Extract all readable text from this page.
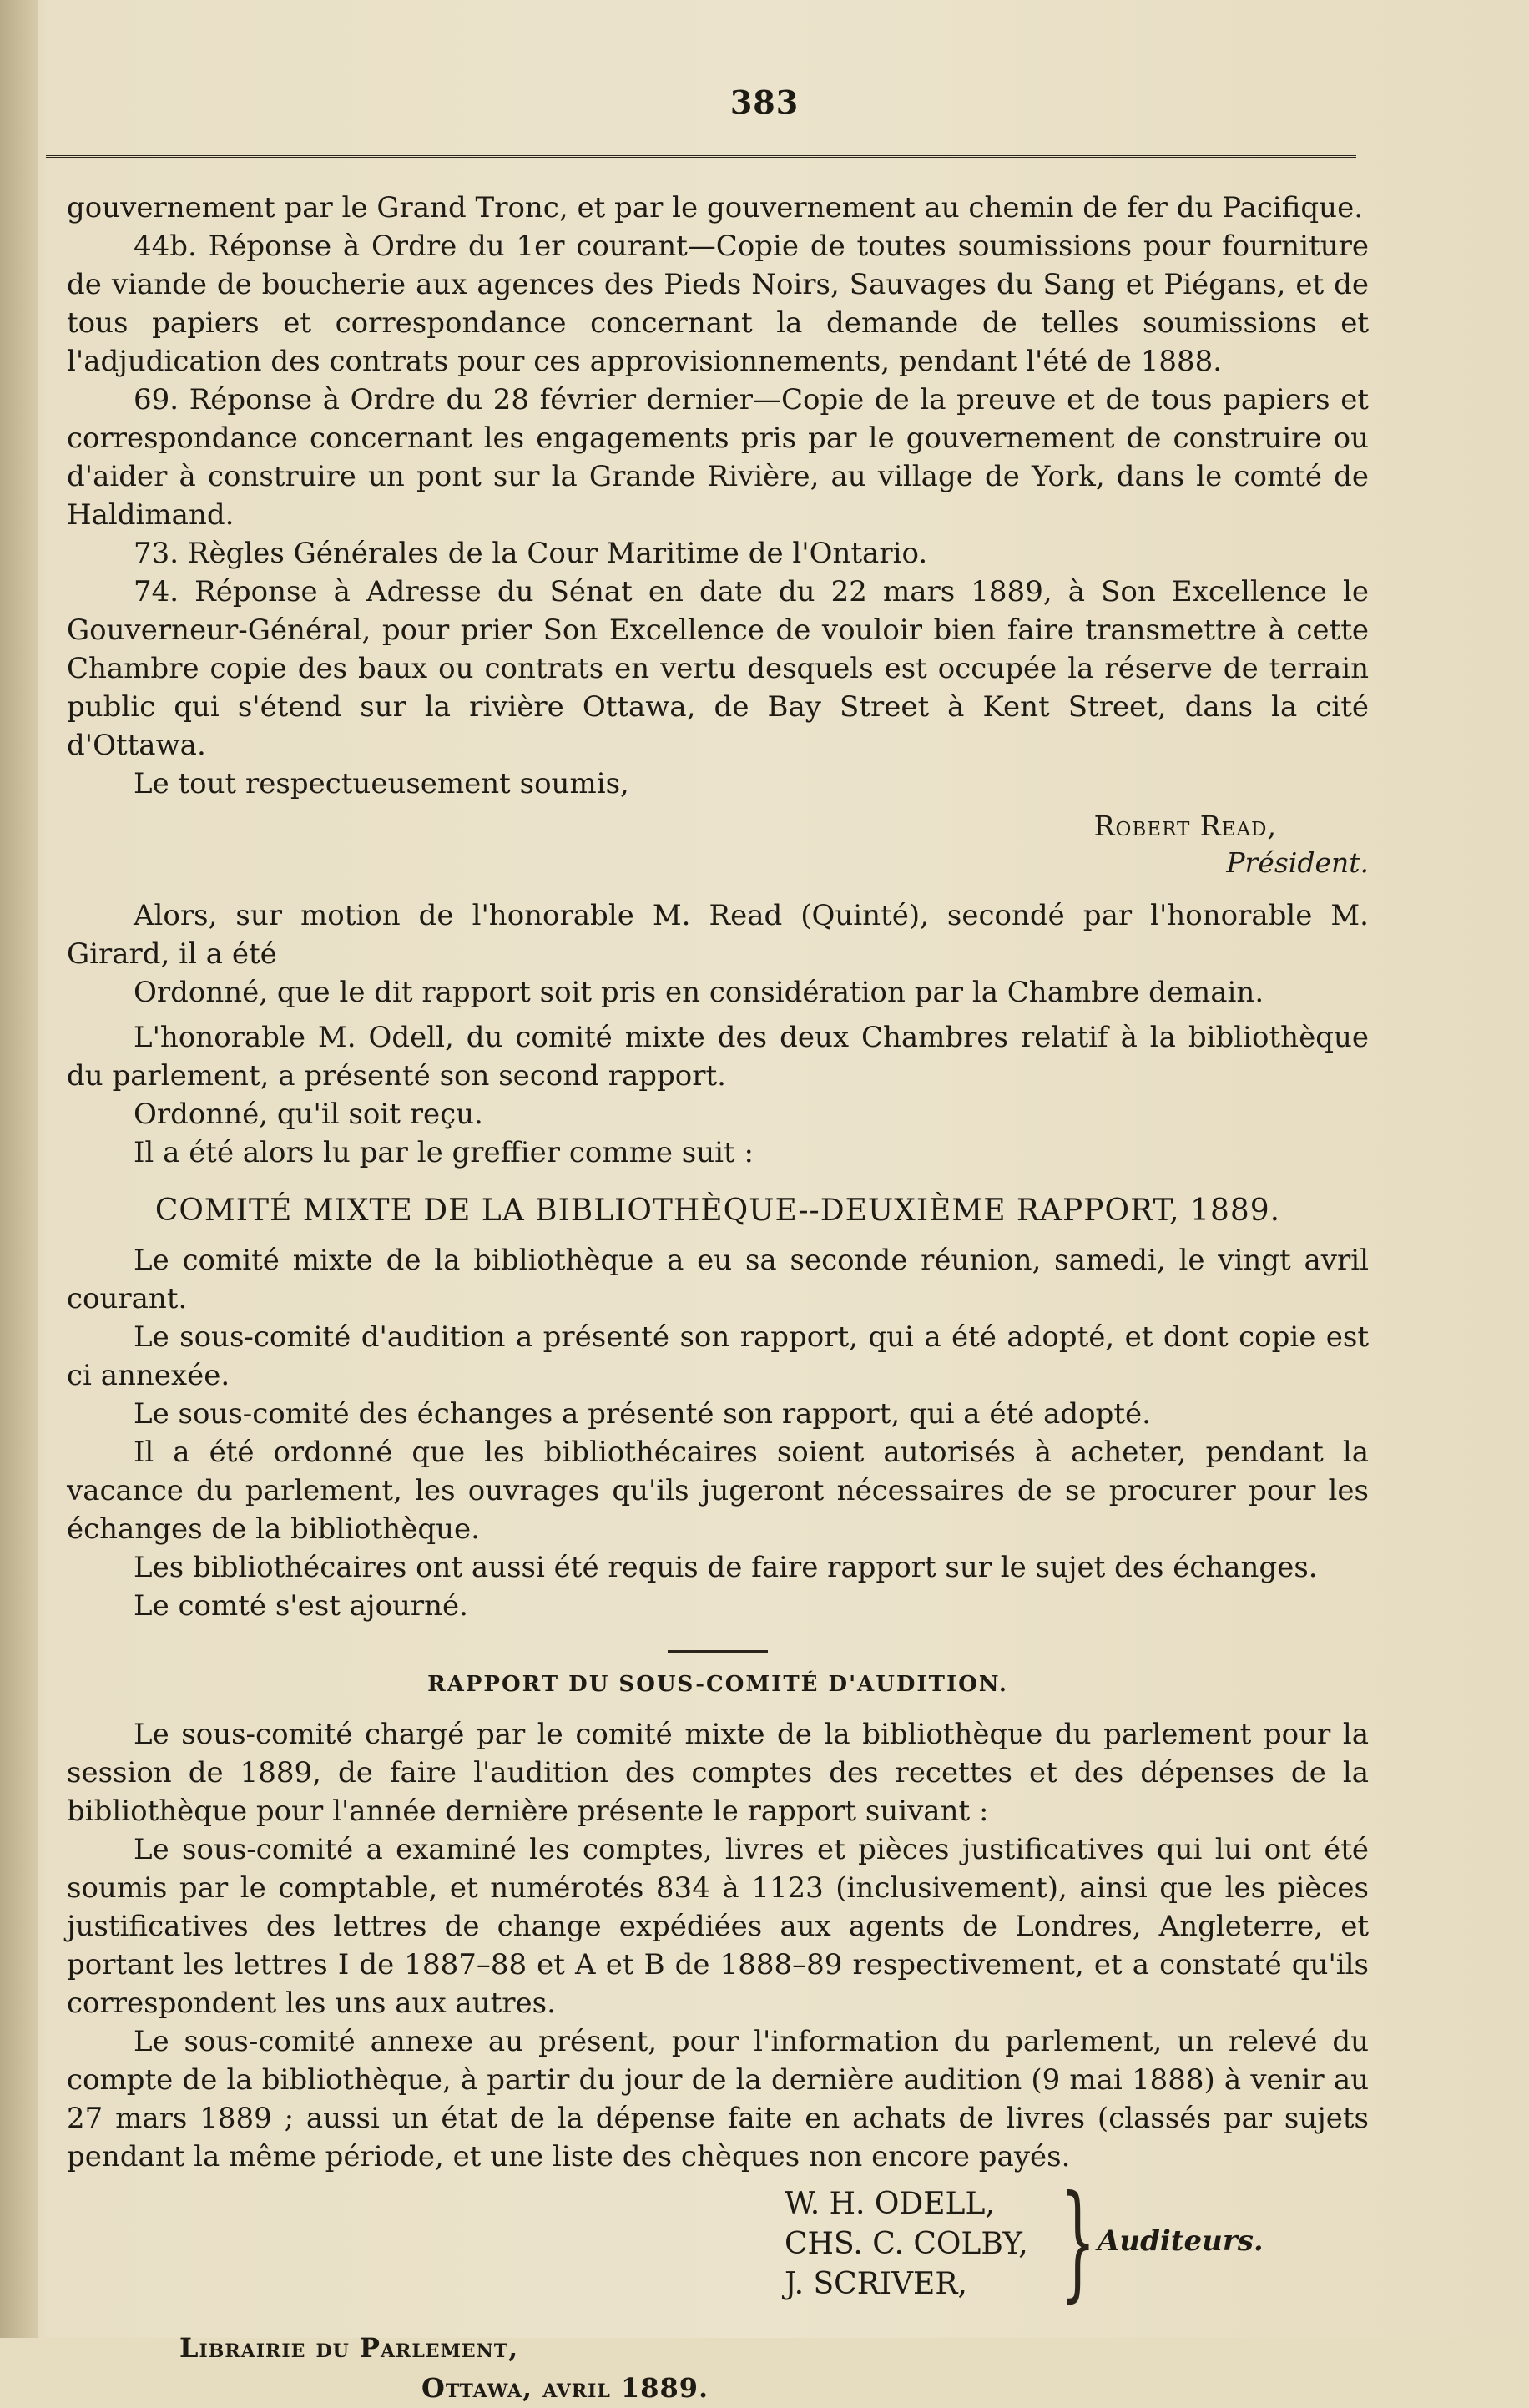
383

gouvernement par le Grand Tronc, et par le gouvernement au chemin de fer du Pacifique.

44b. Réponse à Ordre du 1er courant—Copie de toutes soumissions pour fourniture de viande de boucherie aux agences des Pieds Noirs, Sauvages du Sang et Piégans, et de tous papiers et correspondance concernant la demande de telles soumissions et l'adjudication des contrats pour ces approvisionnements, pendant l'été de 1888.

69. Réponse à Ordre du 28 février dernier—Copie de la preuve et de tous papiers et correspondance concernant les engagements pris par le gouvernement de construire ou d'aider à construire un pont sur la Grande Rivière, au village de York, dans le comté de Haldimand.

73. Règles Générales de la Cour Maritime de l'Ontario.

74. Réponse à Adresse du Sénat en date du 22 mars 1889, à Son Excellence le Gouverneur-Général, pour prier Son Excellence de vouloir bien faire transmettre à cette Chambre copie des baux ou contrats en vertu desquels est occupée la réserve de terrain public qui s'étend sur la rivière Ottawa, de Bay Street à Kent Street, dans la cité d'Ottawa.

Le tout respectueusement soumis,

Robert Read,
Président.

Alors, sur motion de l'honorable M. Read (Quinté), secondé par l'honorable M. Girard, il a été

Ordonné, que le dit rapport soit pris en considération par la Chambre demain.

L'honorable M. Odell, du comité mixte des deux Chambres relatif à la bibliothèque du parlement, a présenté son second rapport.

Ordonné, qu'il soit reçu.

Il a été alors lu par le greffier comme suit :

COMITÉ MIXTE DE LA BIBLIOTHÈQUE--DEUXIÈME RAPPORT, 1889.

Le comité mixte de la bibliothèque a eu sa seconde réunion, samedi, le vingt avril courant.

Le sous-comité d'audition a présenté son rapport, qui a été adopté, et dont copie est ci annexée.

Le sous-comité des échanges a présenté son rapport, qui a été adopté.

Il a été ordonné que les bibliothécaires soient autorisés à acheter, pendant la vacance du parlement, les ouvrages qu'ils jugeront nécessaires de se procurer pour les échanges de la bibliothèque.

Les bibliothécaires ont aussi été requis de faire rapport sur le sujet des échanges.

Le comté s'est ajourné.

RAPPORT DU SOUS-COMITÉ D'AUDITION.

Le sous-comité chargé par le comité mixte de la bibliothèque du parlement pour la session de 1889, de faire l'audition des comptes des recettes et des dépenses de la bibliothèque pour l'année dernière présente le rapport suivant :

Le sous-comité a examiné les comptes, livres et pièces justificatives qui lui ont été soumis par le comptable, et numérotés 834 à 1123 (inclusivement), ainsi que les pièces justificatives des lettres de change expédiées aux agents de Londres, Angleterre, et portant les lettres I de 1887–88 et A et B de 1888–89 respectivement, et a constaté qu'ils correspondent les uns aux autres.

Le sous-comité annexe au présent, pour l'information du parlement, un relevé du compte de la bibliothèque, à partir du jour de la dernière audition (9 mai 1888) à venir au 27 mars 1889 ; aussi un état de la dépense faite en achats de livres (classés par sujets pendant la même période, et une liste des chèques non encore payés.

W. H. ODELL,
CHS. C. COLBY,
J. SCRIVER, } Auditeurs.
Librairie du Parlement,
Ottawa, avril 1889.
